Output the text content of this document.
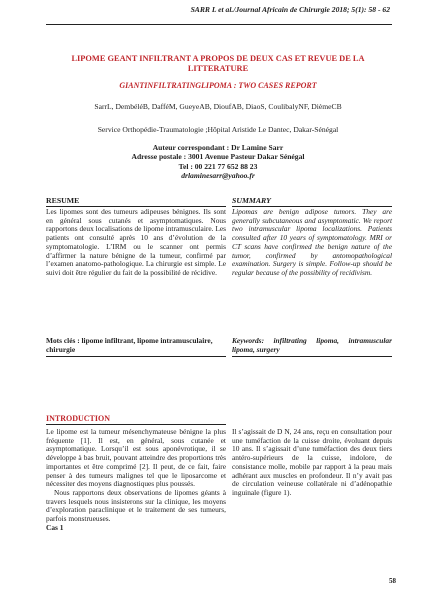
SARR L et al./Journal Africain de Chirurgie 2018; 5(1): 58 - 62
LIPOME GEANT INFILTRANT A PROPOS DE DEUX CAS ET REVUE DE LA LITTERATURE
GIANTINFILTRATINGLIPOMA : TWO CASES REPORT
SarrL, DembéléB, DafféM, GueyeAB, DioufAB, DiaoS, CoulibalyNF, DièmeCB
Service Orthopédie-Traumatologie ;Hôpital Aristide Le Dantec, Dakar-Sénégal
Auteur correspondant : Dr Lamine Sarr
Adresse postale : 3001 Avenue Pasteur Dakar Sénégal
Tel : 00 221 77 652 88 23
drlaminesarr@yahoo.fr
RESUME

Les lipomes sont des tumeurs adipeuses bénignes. Ils sont en général sous cutanés et asymptomatiques. Nous rapportons deux localisations de lipome intramusculaire. Les patients ont consulté après 10 ans d’évolution de la symptomatologie. L’IRM ou le scanner ont permis d’affirmer la nature bénigne de la tumeur, confirmé par l’examen anatomo-pathologique. La chirurgie est simple. Le suivi doit être régulier du fait de la possibilité de récidive.

Mots clés : lipome infiltrant, lipome intramusculaire, chirurgie
SUMMARY

Lipomas are benign adipose tumors. They are generally subcutaneous and asymptomatic. We report two intramuscular lipoma localizations. Patients consulted after 10 years of symptomatology. MRI or CT scans have confirmed the benign nature of the tumor, confirmed by antomopathological examination. Surgery is simple. Follow-up should be regular because of the possibility of recidivism.

Keywords: infiltrating lipoma, intramuscular lipoma, surgery
INTRODUCTION

Le lipome est la tumeur mésenchymateuse bénigne la plus fréquente [1]. Il est, en général, sous cutanée et asymptomatique. Lorsqu’il est sous aponévrotique, il se développe à bas bruit, pouvant atteindre des proportions très importantes et être comprimé [2]. Il peut, de ce fait, faire penser à des tumeurs malignes tel que le liposarcome et nécessiter des moyens diagnostiques plus poussés.

Nous rapportons deux observations de lipomes géants à travers lesquels nous insisterons sur la clinique, les moyens d’exploration paraclinique et le traitement de ses tumeurs, parfois monstrueuses.

Cas 1

Il s’agissait de D N, 24 ans, reçu en consultation pour une tuméfaction de la cuisse droite, évoluant depuis 10 ans. Il s’agissait d’une tuméfaction des deux tiers antéro-supérieurs de la cuisse, indolore, de consistance molle, mobile par rapport à la peau mais adhérant aux muscles en profondeur. Il n’y avait pas de circulation veineuse collatérale ni d’adénopathie inguinale (figure 1).

58
